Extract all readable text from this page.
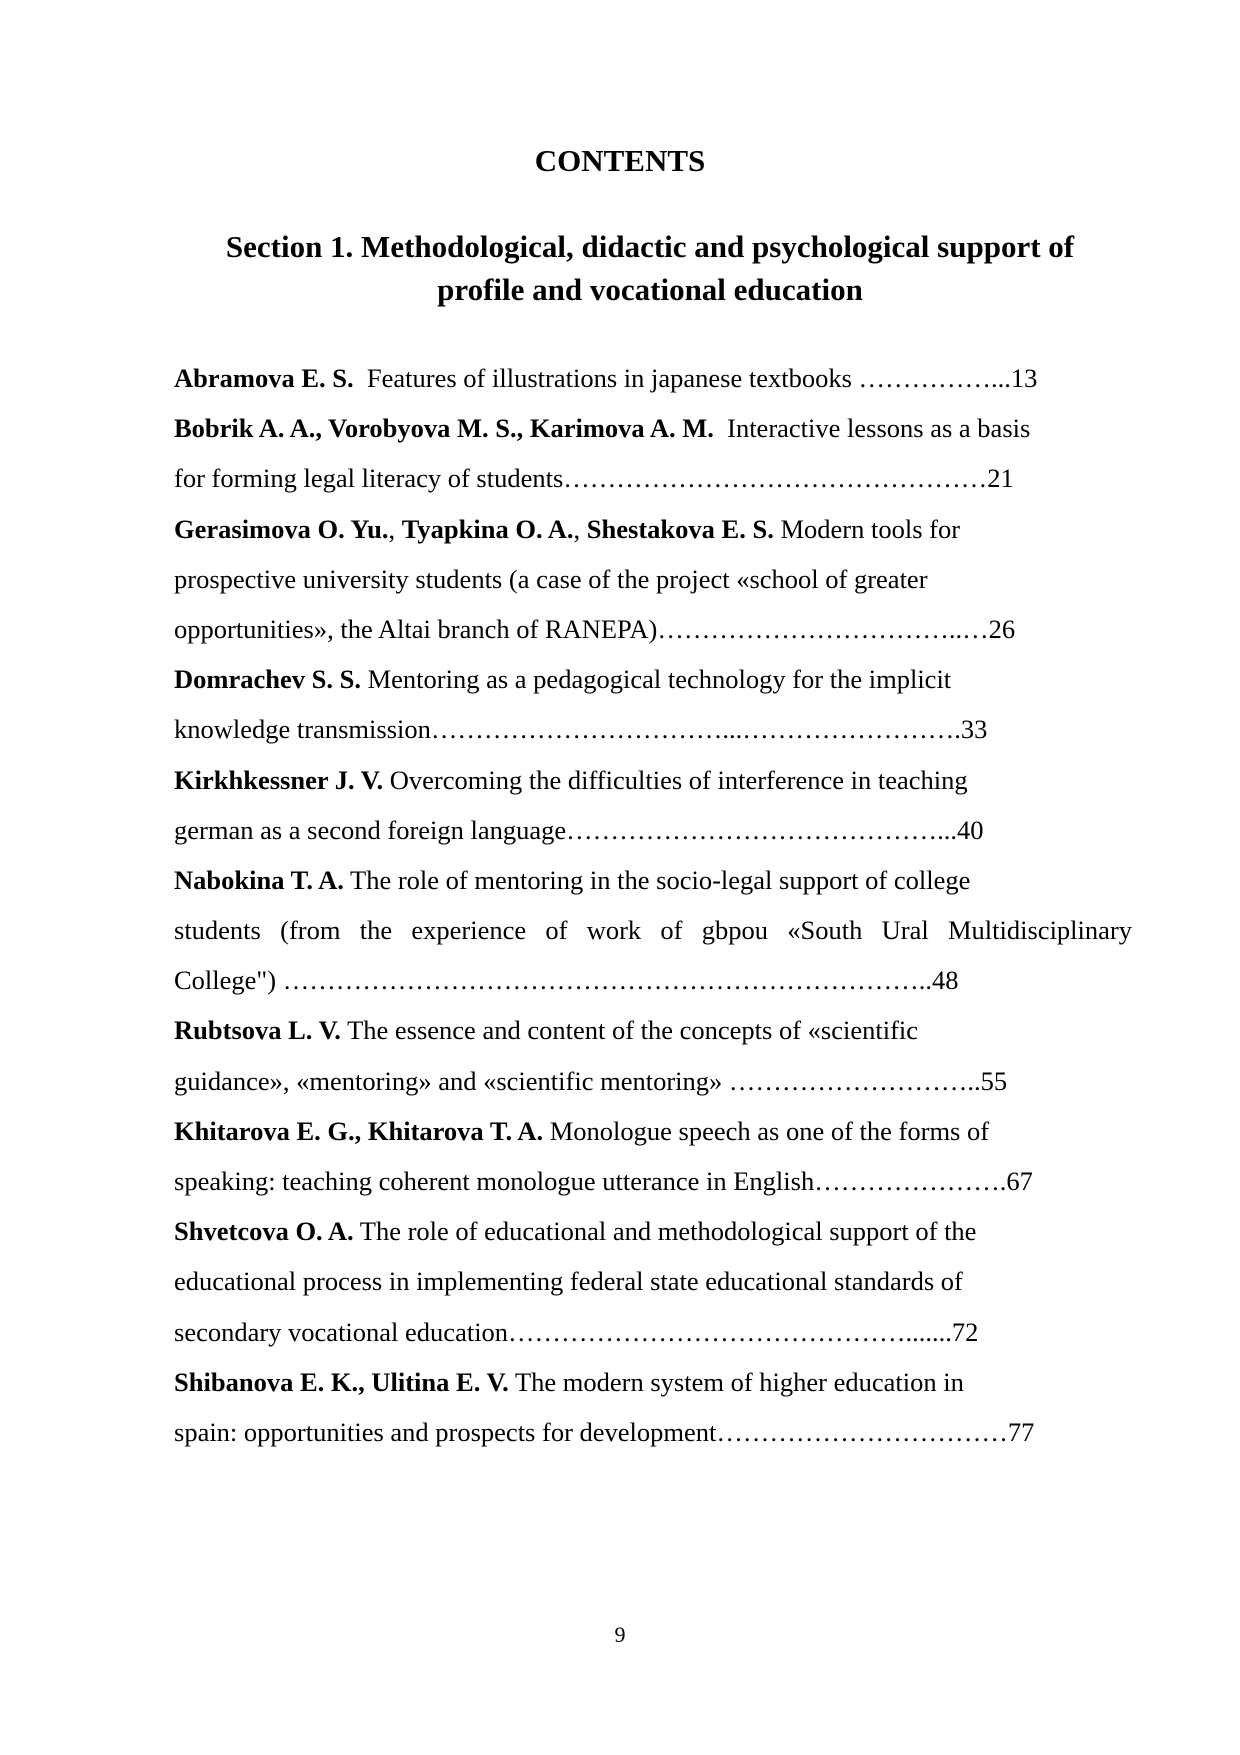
CONTENTS
Section 1. Methodological, didactic and psychological support of
profile and vocational education
Abramova E. S.  Features of illustrations in japanese textbooks ……………...13
Bobrik A. A., Vorobyova M. S., Karimova A. M.  Interactive lessons as a basis
for forming legal literacy of students…………………………………………21
Gerasimova O. Yu., Tyapkina O. A., Shestakova E. S. Modern tools for
prospective university students (a case of the project «school of greater
opportunities», the Altai branch of RANEPA)……………………………..…26
Domrachev S. S. Mentoring as a pedagogical technology for the implicit
knowledge transmission……………………………...…………………….33
Kirkhkessner J. V. Overcoming the difficulties of interference in teaching
german as a second foreign language……………………………………...40
Nabokina T. A. The role of mentoring in the socio-legal support of college
students (from the experience of work of gbpou «South Ural Multidisciplinary
College") ………………………………………………………………..48
Rubtsova L. V. The essence and content of the concepts of «scientific
guidance», «mentoring» and «scientific mentoring» ………………………..55
Khitarova E. G., Khitarova T. A. Monologue speech as one of the forms of
speaking: teaching coherent monologue utterance in English………………….67
Shvetcova O. A. The role of educational and methodological support of the
educational process in implementing federal state educational standards of
secondary vocational education……………………………………….......72
Shibanova E. K., Ulitina E. V. The modern system of higher education in
spain: opportunities and prospects for development……………………………77
9
